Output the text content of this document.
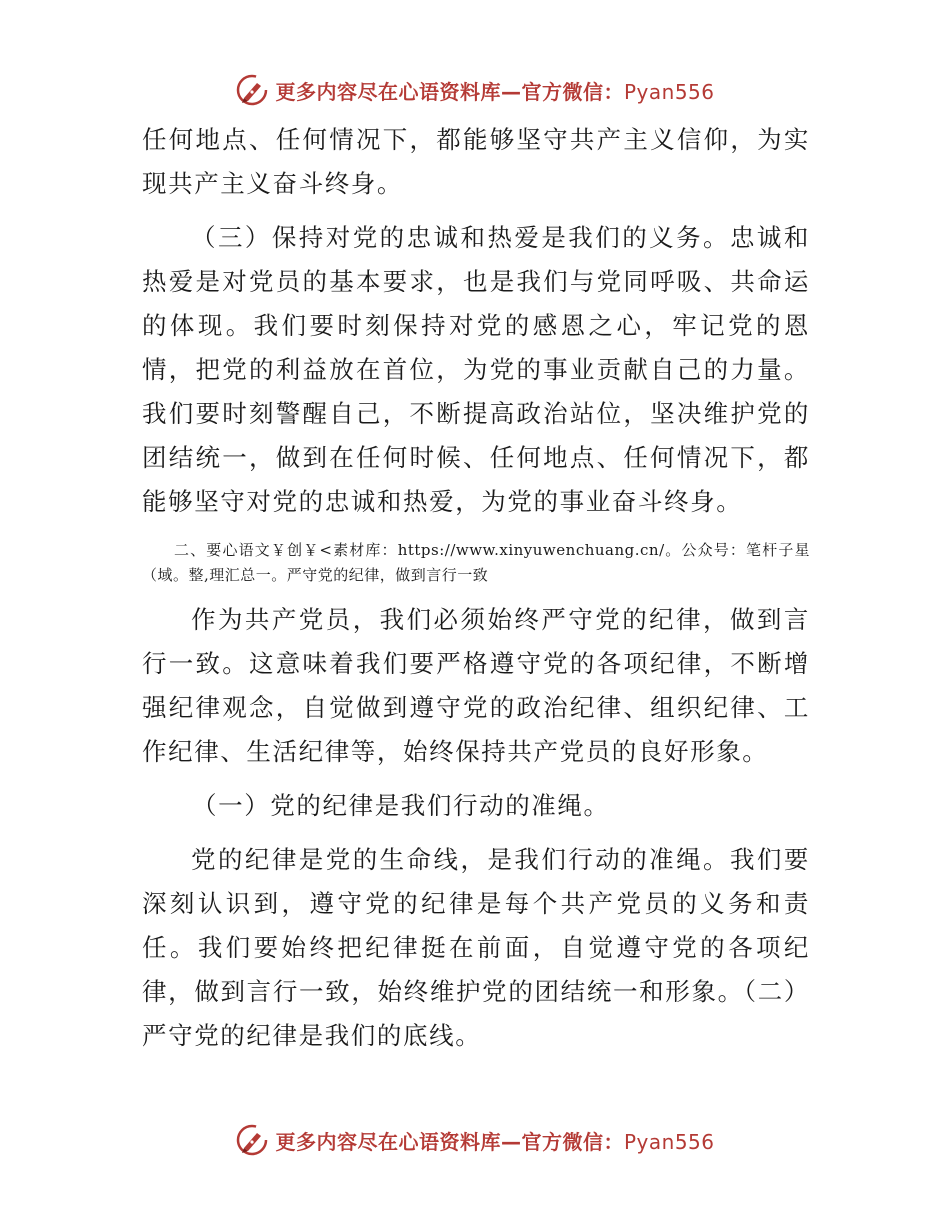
更多内容尽在心语资料库—官方微信：Pyan556

任何地点、任何情况下，都能够坚守共产主义信仰，为实现共产主义奋斗终身。

（三）保持对党的忠诚和热爱是我们的义务。忠诚和热爱是对党员的基本要求，也是我们与党同呼吸、共命运的体现。我们要时刻保持对党的感恩之心，牢记党的恩情，把党的利益放在首位，为党的事业贡献自己的力量。我们要时刻警醒自己，不断提高政治站位，坚决维护党的团结统一，做到在任何时候、任何地点、任何情况下，都能够坚守对党的忠诚和热爱，为党的事业奋斗终身。

二、要心语文￥创￥<素材库：https://www.xinyuwenchuang.cn/。公众号：笔杆子星（域。整,理汇总一。严守党的纪律，做到言行一致

作为共产党员，我们必须始终严守党的纪律，做到言行一致。这意味着我们要严格遵守党的各项纪律，不断增强纪律观念，自觉做到遵守党的政治纪律、组织纪律、工作纪律、生活纪律等，始终保持共产党员的良好形象。

（一）党的纪律是我们行动的准绳。

党的纪律是党的生命线，是我们行动的准绳。我们要深刻认识到，遵守党的纪律是每个共产党员的义务和责任。我们要始终把纪律挺在前面，自觉遵守党的各项纪律，做到言行一致，始终维护党的团结统一和形象。（二）严守党的纪律是我们的底线。

更多内容尽在心语资料库—官方微信：Pyan556
